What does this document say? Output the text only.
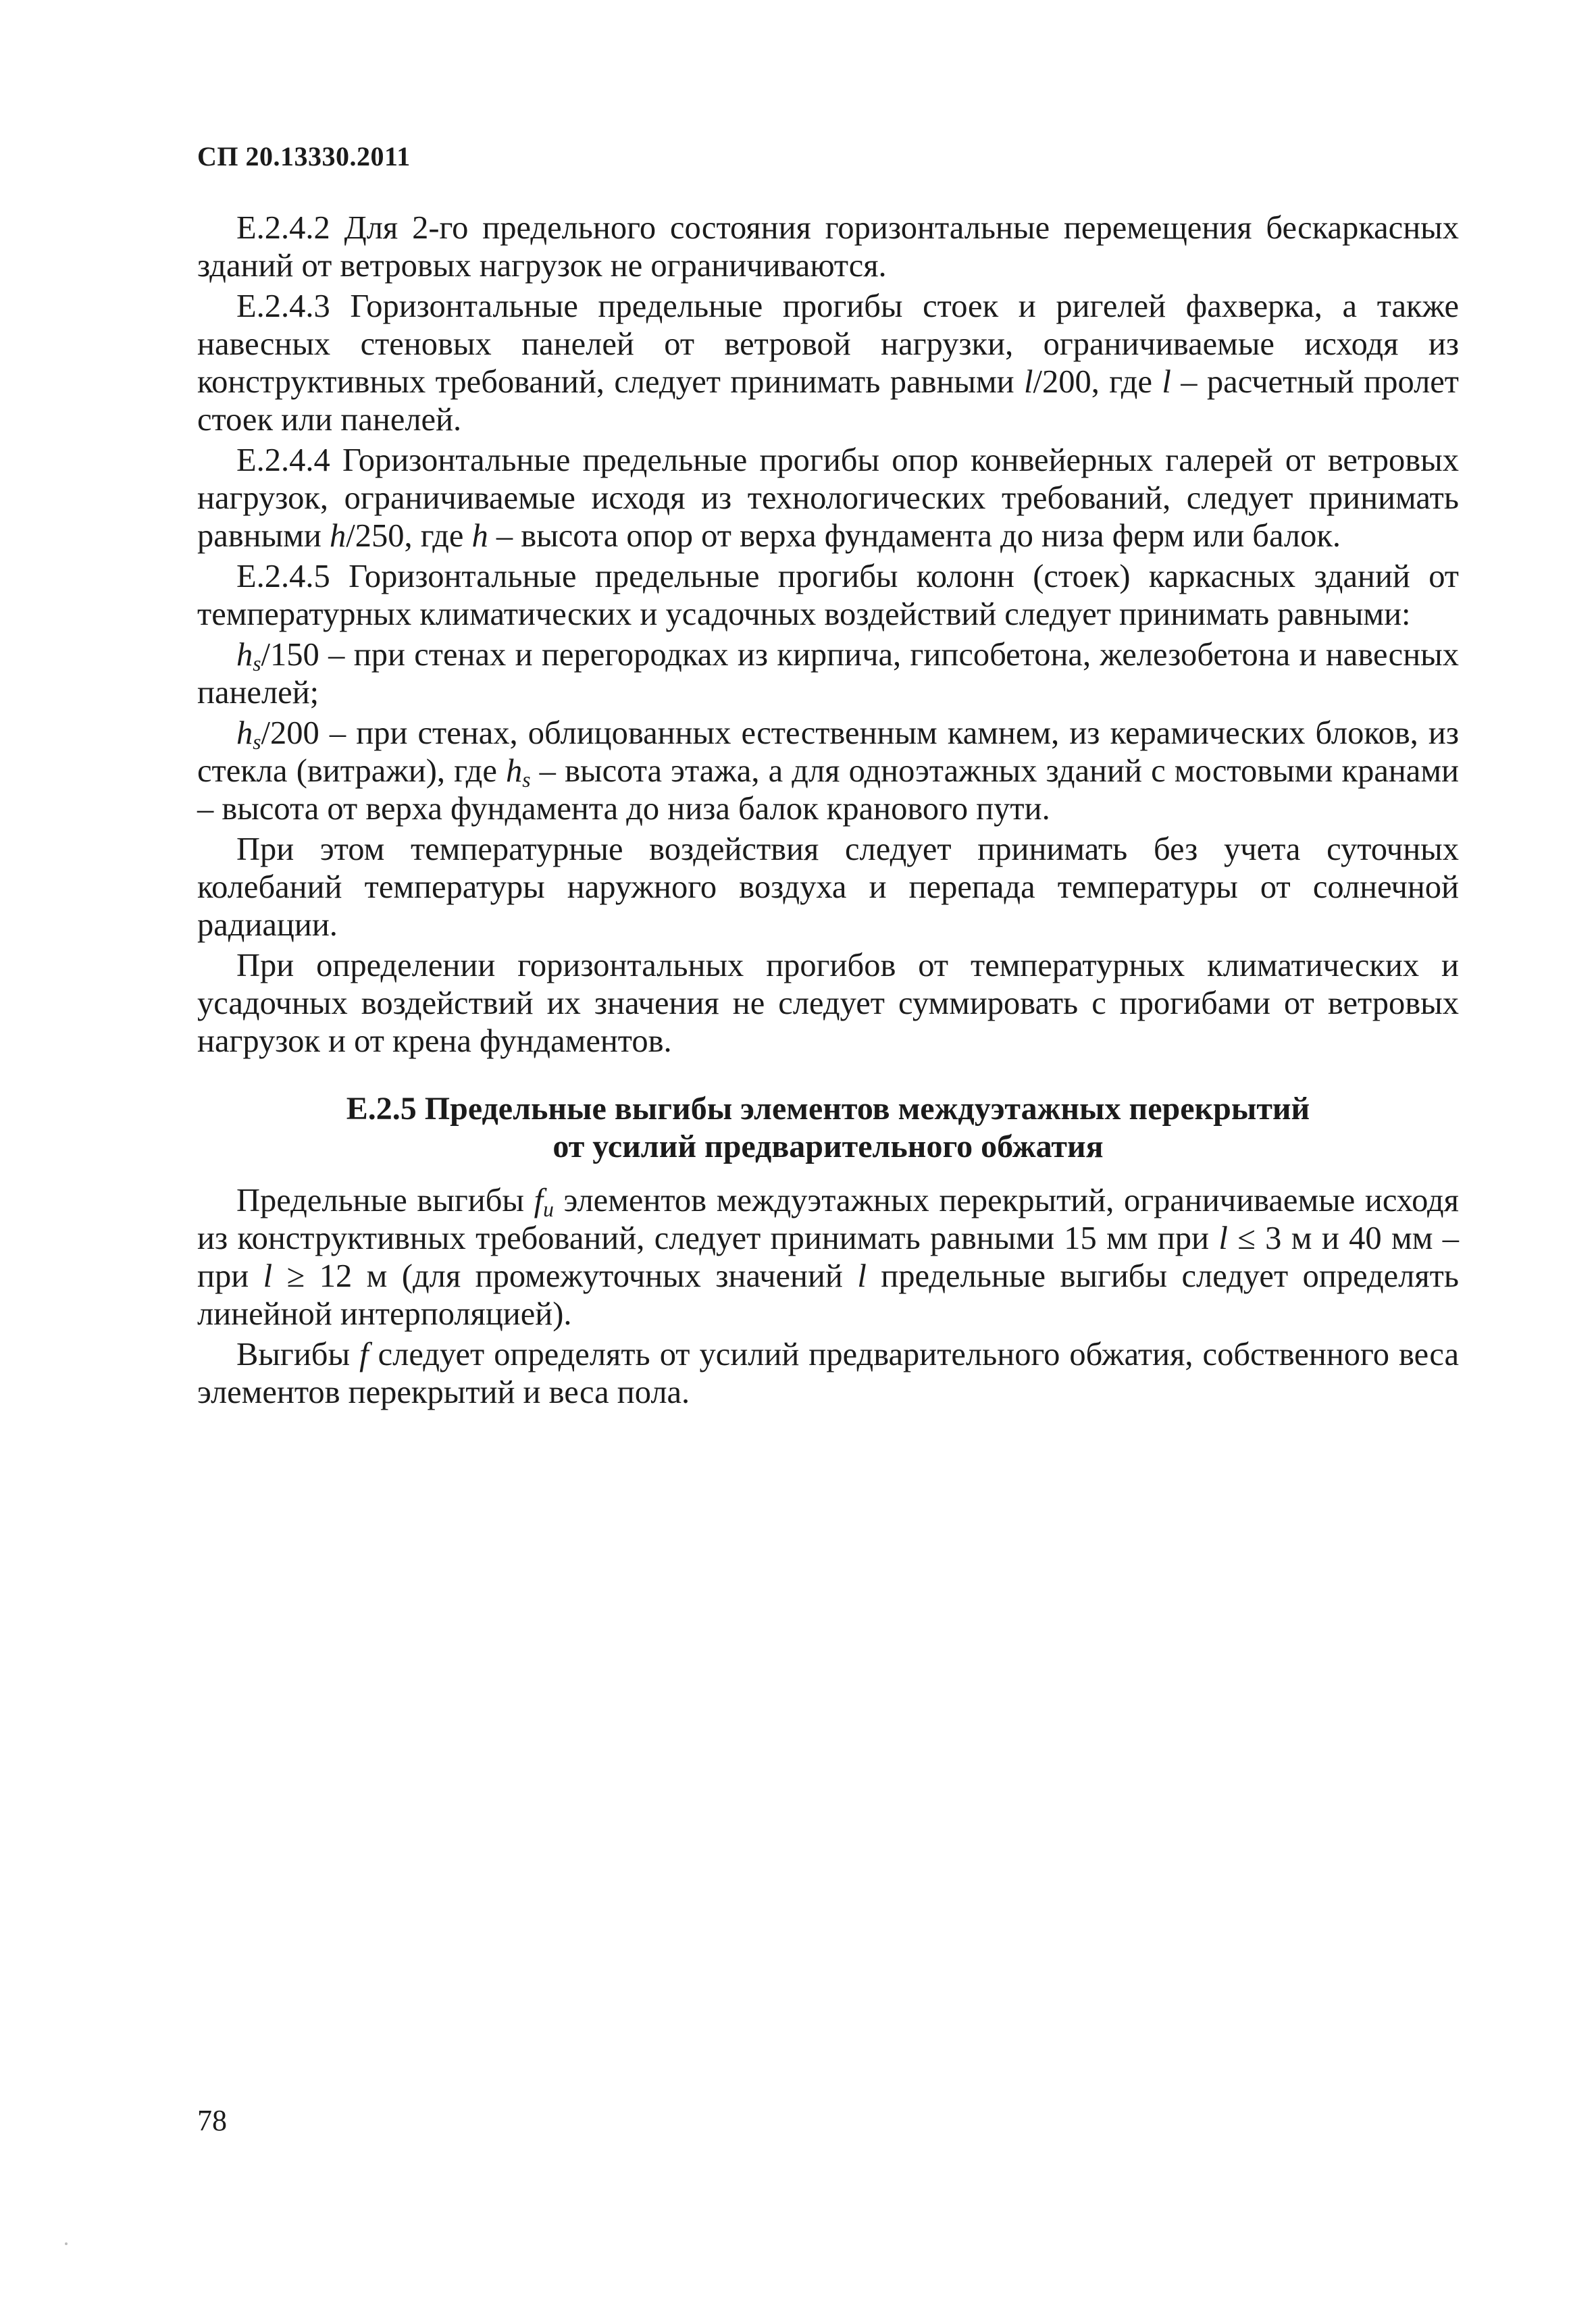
СП 20.13330.2011

Е.2.4.2 Для 2-го предельного состояния горизонтальные перемещения бескаркасных зданий от ветровых нагрузок не ограничиваются.

Е.2.4.3 Горизонтальные предельные прогибы стоек и ригелей фахверка, а также навесных стеновых панелей от ветровой нагрузки, ограничиваемые исходя из конструктивных требований, следует принимать равными l/200, где l – расчетный пролет стоек или панелей.

Е.2.4.4 Горизонтальные предельные прогибы опор конвейерных галерей от ветровых нагрузок, ограничиваемые исходя из технологических требований, следует принимать равными h/250, где h – высота опор от верха фундамента до низа ферм или балок.

Е.2.4.5 Горизонтальные предельные прогибы колонн (стоек) каркасных зданий от температурных климатических и усадочных воздействий следует принимать равными:

$h_s/150$ – при стенах и перегородках из кирпича, гипсобетона, железобетона и навесных панелей;

$h_s/200$ – при стенах, облицованных естественным камнем, из керамических блоков, из стекла (витражи), где $h_s$ – высота этажа, а для одноэтажных зданий с мостовыми кранами – высота от верха фундамента до низа балок кранового пути.

При этом температурные воздействия следует принимать без учета суточных колебаний температуры наружного воздуха и перепада температуры от солнечной радиации.

При определении горизонтальных прогибов от температурных климатических и усадочных воздействий их значения не следует суммировать с прогибами от ветровых нагрузок и от крена фундаментов.

Е.2.5 Предельные выгибы элементов междуэтажных перекрытий
от усилий предварительного обжатия

Предельные выгибы $f_u$ элементов междуэтажных перекрытий, ограничиваемые исходя из конструктивных требований, следует принимать равными 15 мм при l ≤ 3 м и 40 мм – при l ≥ 12 м (для промежуточных значений l предельные выгибы следует определять линейной интерполяцией).

Выгибы f следует определять от усилий предварительного обжатия, собственного веса элементов перекрытий и веса пола.

78
